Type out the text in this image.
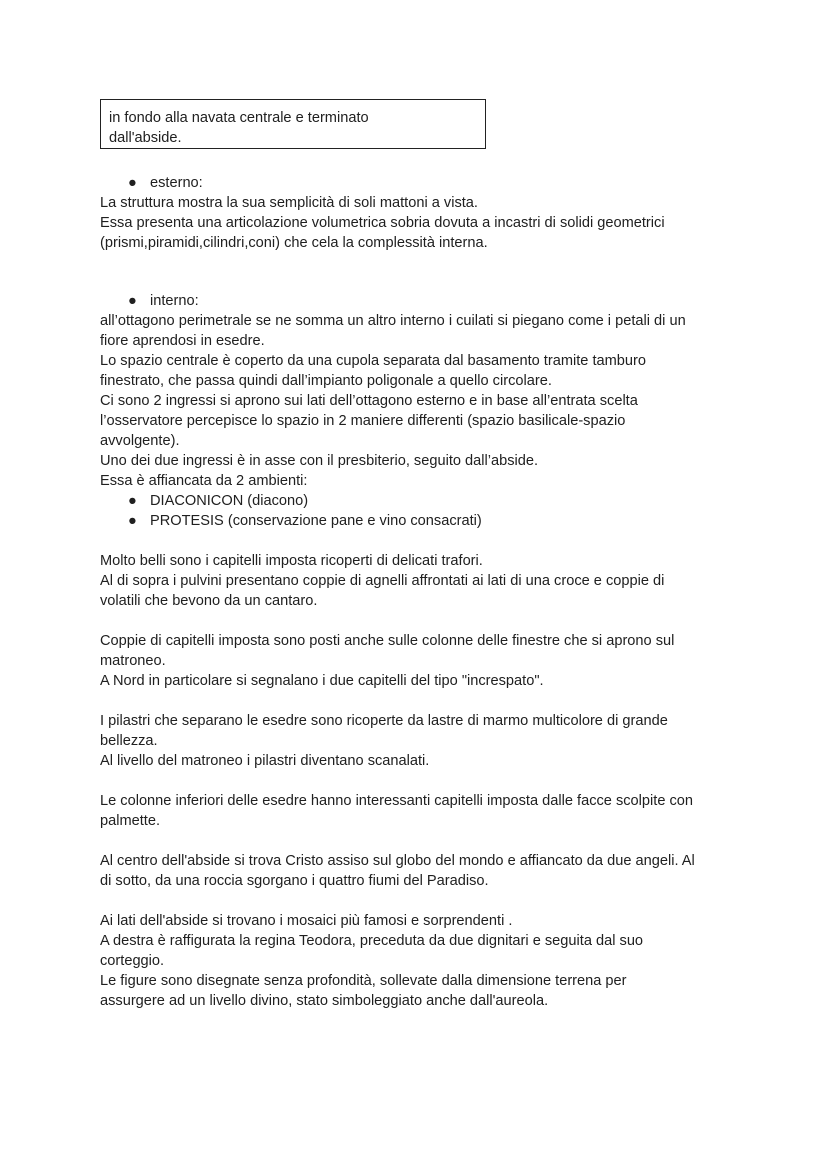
in fondo alla navata centrale e terminato

dall'abside.

● esterno:

La struttura mostra la sua semplicità di soli mattoni a vista.

Essa presenta una articolazione volumetrica sobria dovuta a incastri di solidi geometrici

(prismi,piramidi,cilindri,coni) che cela la complessità interna.

● interno:

all’ottagono perimetrale se ne somma un altro interno i cuilati si piegano come i petali di un

fiore aprendosi in esedre.

Lo spazio centrale è coperto da una cupola separata dal basamento tramite tamburo

finestrato, che passa quindi dall’impianto poligonale a quello circolare.

Ci sono 2 ingressi si aprono sui lati dell’ottagono esterno e in base all’entrata scelta

l’osservatore percepisce lo spazio in 2 maniere differenti (spazio basilicale-spazio

avvolgente).

Uno dei due ingressi è in asse con il presbiterio, seguito dall’abside.

Essa è affiancata da 2 ambienti:

● DIACONICON (diacono)

● PROTESIS (conservazione pane e vino consacrati)

Molto belli sono i capitelli imposta ricoperti di delicati trafori.

Al di sopra i pulvini presentano coppie di agnelli affrontati ai lati di una croce e coppie di

volatili che bevono da un cantaro.

Coppie di capitelli imposta sono posti anche sulle colonne delle finestre che si aprono sul

matroneo.

A Nord in particolare si segnalano i due capitelli del tipo "increspato".

I pilastri che separano le esedre sono ricoperte da lastre di marmo multicolore di grande

bellezza.

Al livello del matroneo i pilastri diventano scanalati.

Le colonne inferiori delle esedre hanno interessanti capitelli imposta dalle facce scolpite con

palmette.

Al centro dell'abside si trova Cristo assiso sul globo del mondo e affiancato da due angeli. Al

di sotto, da una roccia sgorgano i quattro fiumi del Paradiso.

Ai lati dell'abside si trovano i mosaici più famosi e sorprendenti .

A destra è raffigurata la regina Teodora, preceduta da due dignitari e seguita dal suo

corteggio.

Le figure sono disegnate senza profondità, sollevate dalla dimensione terrena per

assurgere ad un livello divino, stato simboleggiato anche dall'aureola.
